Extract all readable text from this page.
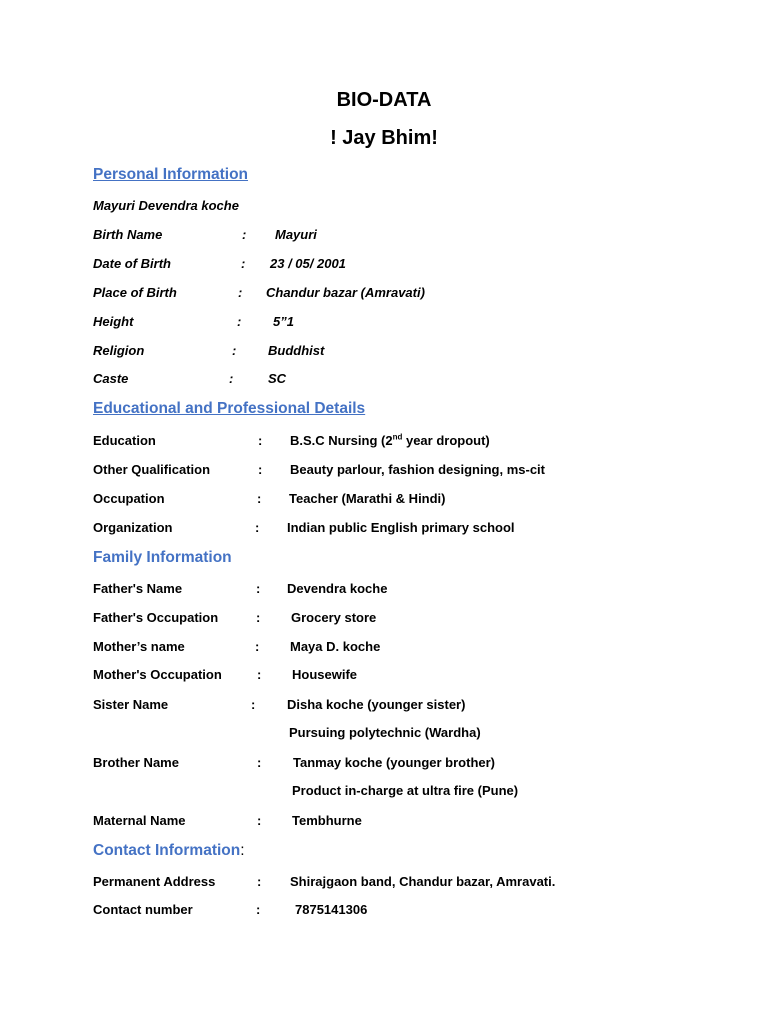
BIO-DATA
! Jay Bhim!
Personal Information
Mayuri Devendra koche
Birth Name	: Mayuri
Date of Birth	: 23 / 05/ 2001
Place of Birth	: Chandur bazar (Amravati)
Height	: 5”1
Religion	: Buddhist
Caste	:	SC
Educational and Professional Details
Education	: B.S.C Nursing (2nd year dropout)
Other Qualification	: Beauty parlour, fashion designing, ms-cit
Occupation	: Teacher (Marathi & Hindi)
Organization	: Indian public English primary school
Family Information
Father's Name	: Devendra koche
Father's Occupation	: Grocery store
Mother’s name	: Maya D. koche
Mother's Occupation	: Housewife
Sister Name	: Disha koche (younger sister)
Pursuing polytechnic (Wardha)
Brother Name	: Tanmay koche (younger brother)
Product in-charge at ultra fire (Pune)
Maternal Name	: Tembhurne
Contact Information:
Permanent Address	: Shirajgaon band, Chandur bazar, Amravati.
Contact number	:	7875141306
